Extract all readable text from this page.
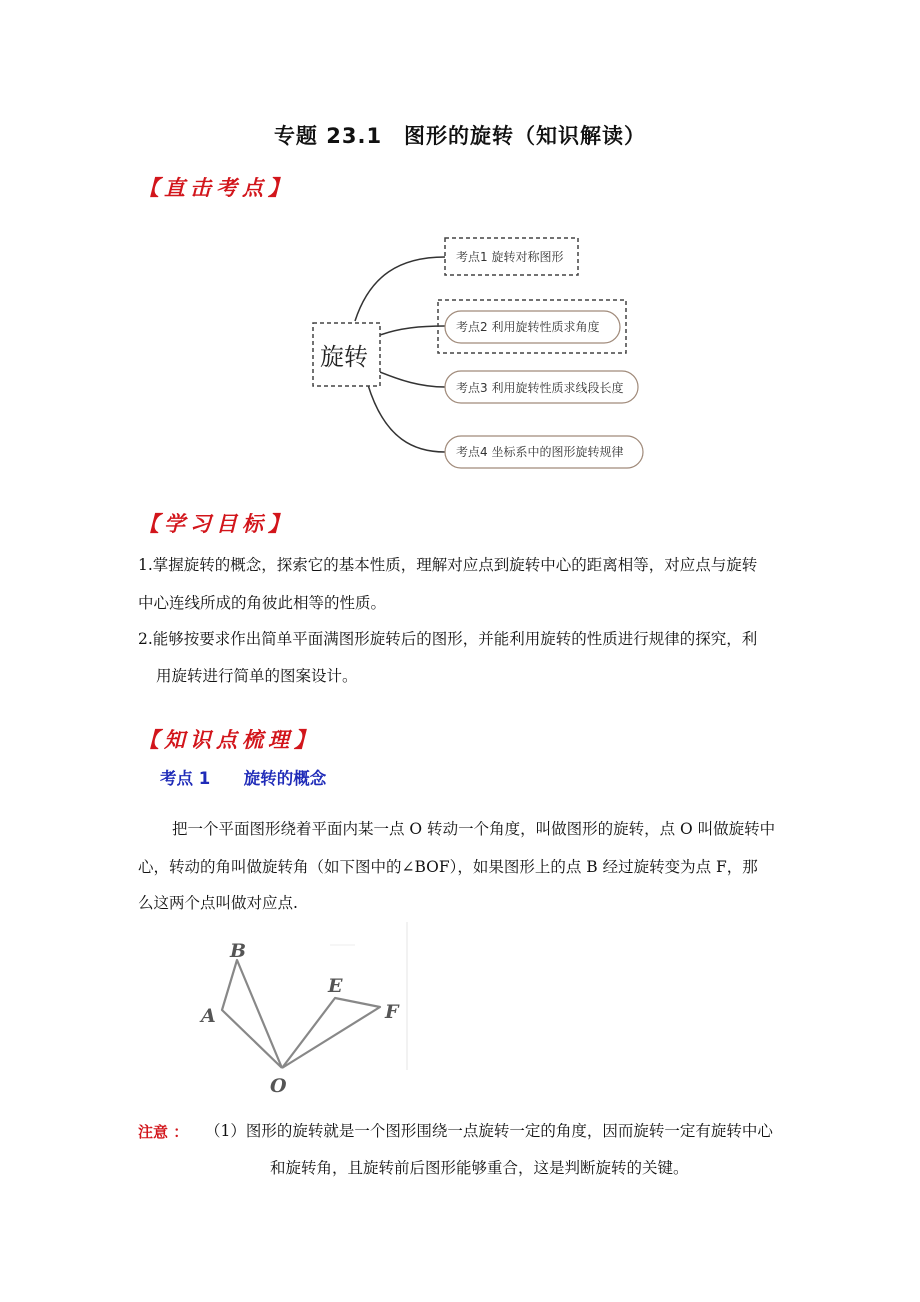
专题 23.1　图形的旋转（知识解读）
【直击考点】
旋转
考点1 旋转对称图形
考点2 利用旋转性质求角度
考点3 利用旋转性质求线段长度
考点4 坐标系中的图形旋转规律
【学习目标】
1.掌握旋转的概念，探索它的基本性质，理解对应点到旋转中心的距离相等，对应点与旋转
中心连线所成的角彼此相等的性质。
2.能够按要求作出简单平面满图形旋转后的图形，并能利用旋转的性质进行规律的探究，利
用旋转进行简单的图案设计。
【知识点梳理】
考点 1 旋转的概念
把一个平面图形绕着平面内某一点 O 转动一个角度，叫做图形的旋转，点 O 叫做旋转中
心，转动的角叫做旋转角（如下图中的∠BOF），如果图形上的点 B 经过旋转变为点 F，那
么这两个点叫做对应点.
B
A
E
F
O
注意 ： （1）图形的旋转就是一个图形围绕一点旋转一定的角度，因而旋转一定有旋转中心
和旋转角，且旋转前后图形能够重合，这是判断旋转的关键。
